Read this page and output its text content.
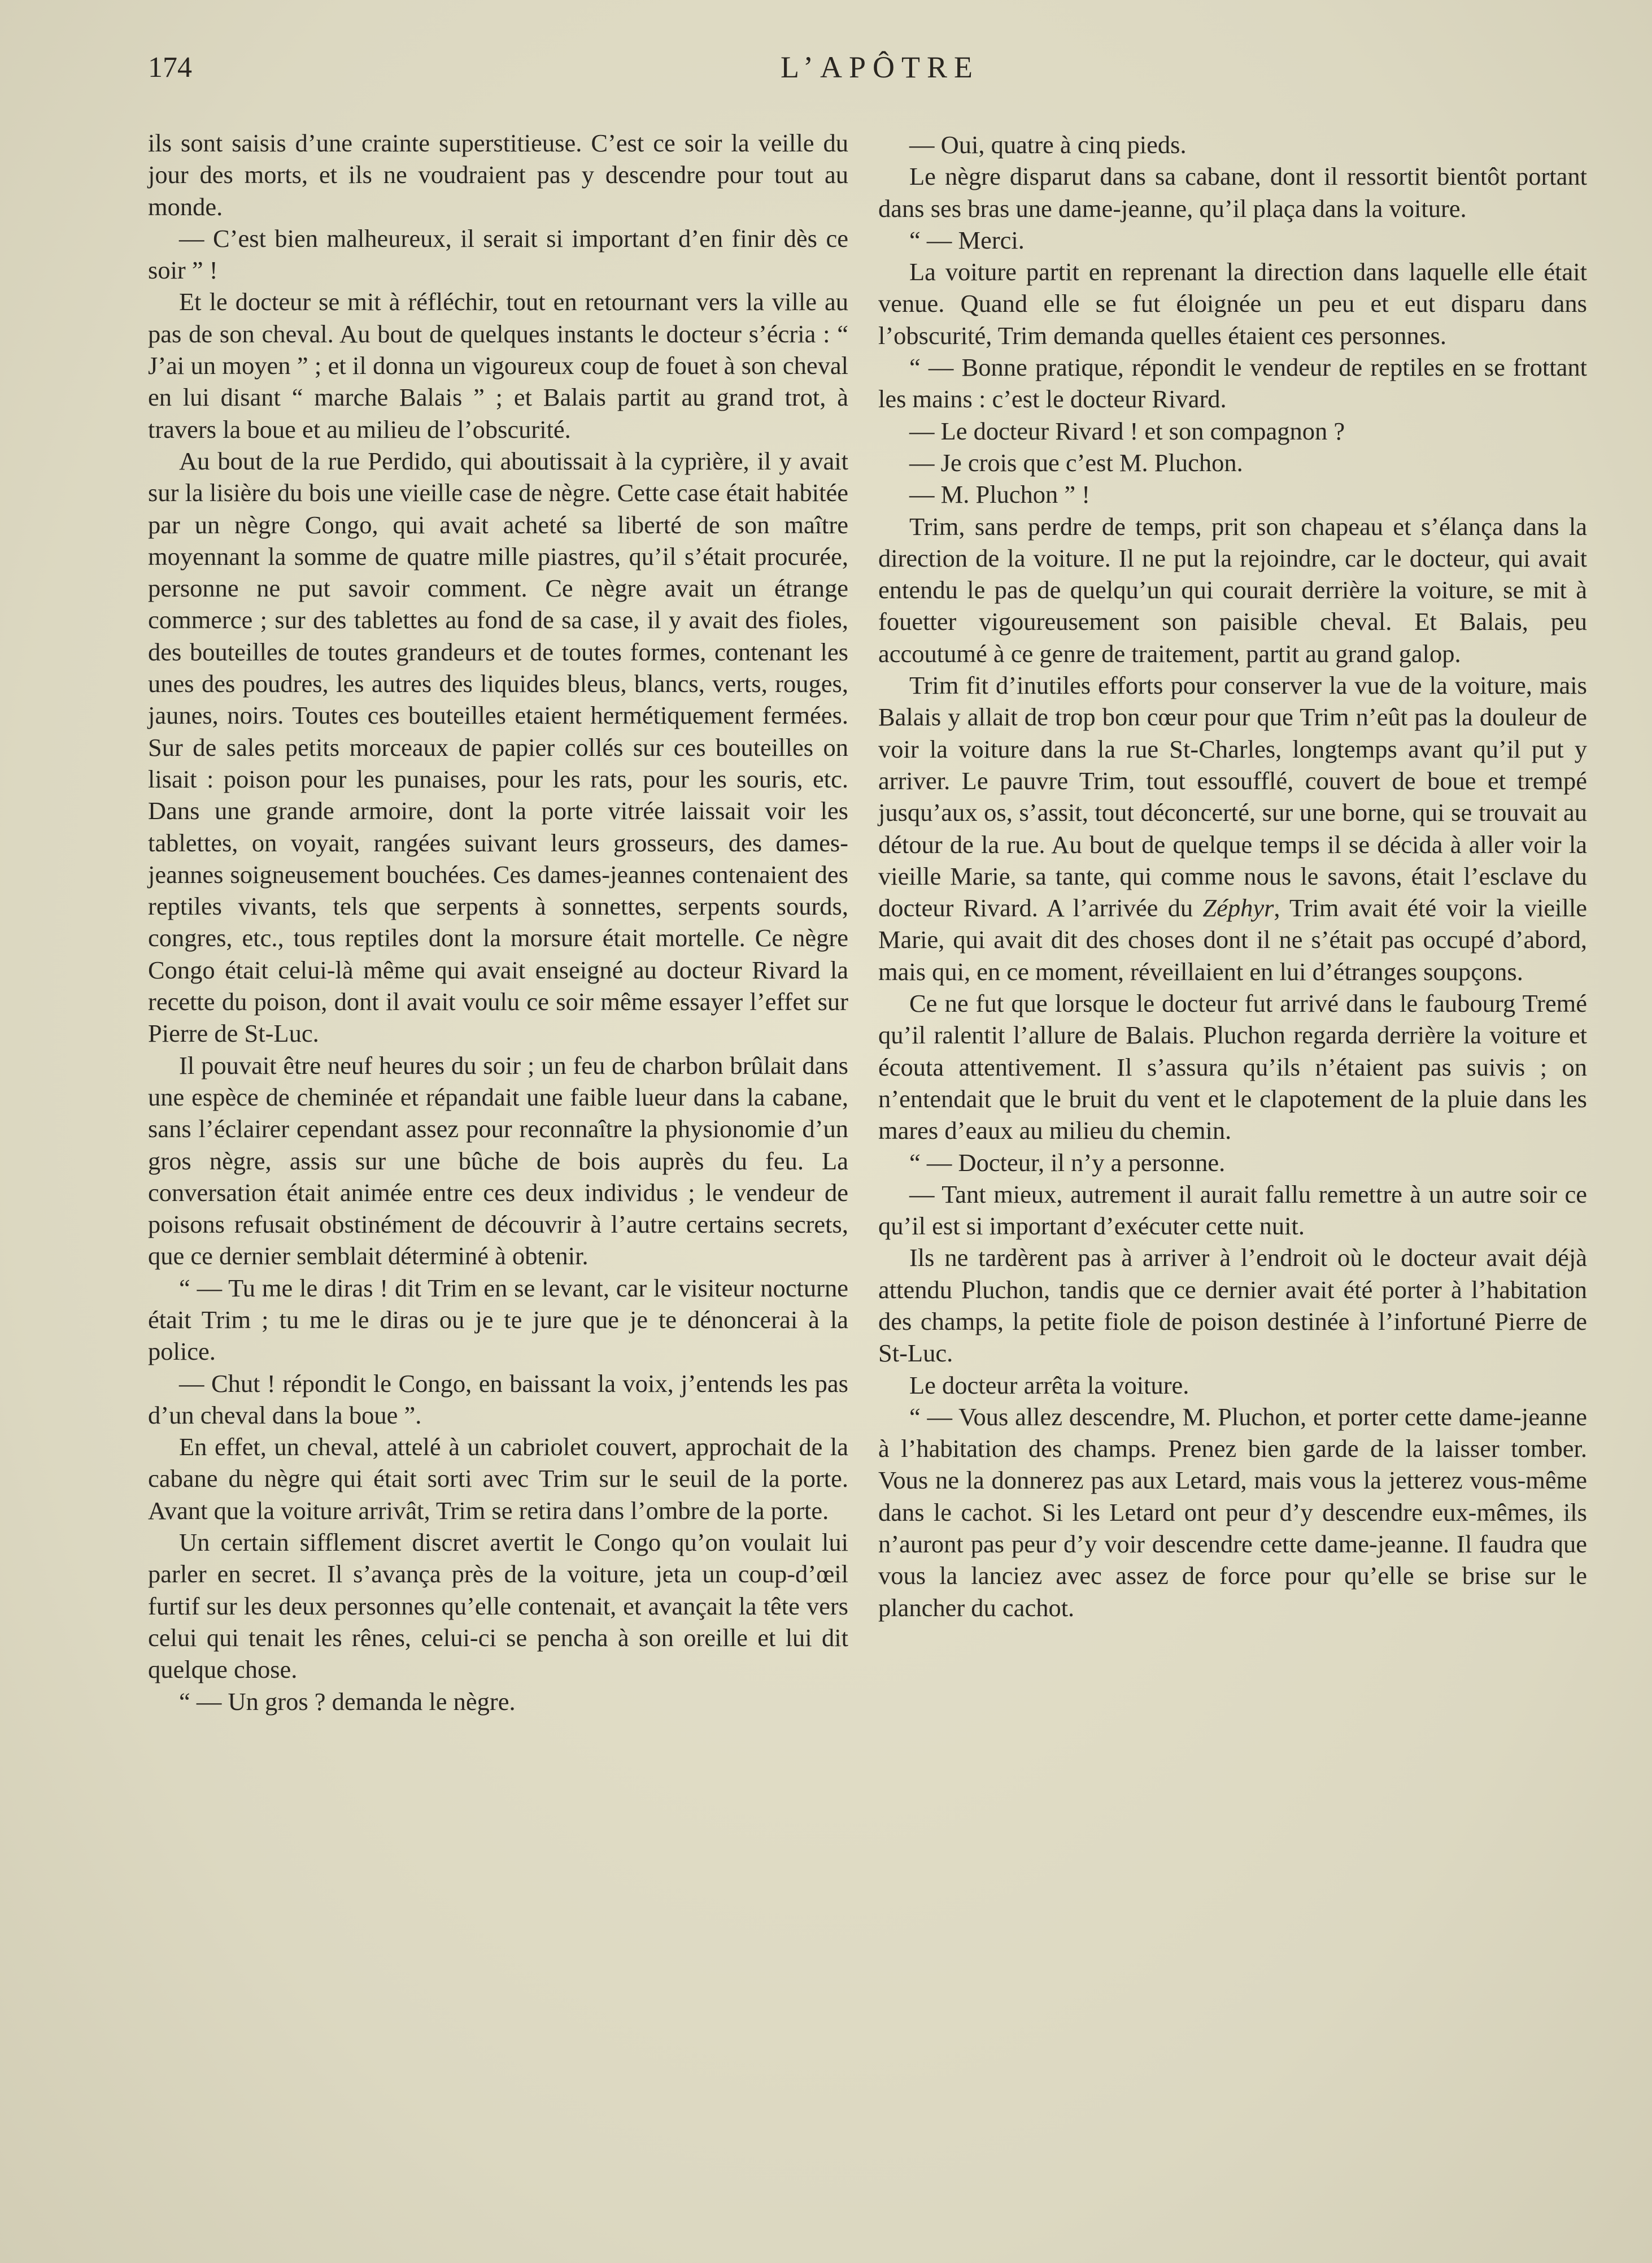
174	L’APÔTRE

ils sont saisis d’une crainte superstitieuse. C’est ce soir la veille du jour des morts, et ils ne voudraient pas y descendre pour tout au monde.

— C’est bien malheureux, il serait si important d’en finir dès ce soir ” !

Et le docteur se mit à réfléchir, tout en retournant vers la ville au pas de son cheval. Au bout de quelques instants le docteur s’écria : “ J’ai un moyen ” ; et il donna un vigoureux coup de fouet à son cheval en lui disant “ marche Balais ” ; et Balais partit au grand trot, à travers la boue et au milieu de l’obscurité.

Au bout de la rue Perdido, qui aboutissait à la cyprière, il y avait sur la lisière du bois une vieille case de nègre. Cette case était habitée par un nègre Congo, qui avait acheté sa liberté de son maître moyennant la somme de quatre mille piastres, qu’il s’était procurée, personne ne put savoir comment. Ce nègre avait un étrange commerce ; sur des tablettes au fond de sa case, il y avait des fioles, des bouteilles de toutes grandeurs et de toutes formes, contenant les unes des poudres, les autres des liquides bleus, blancs, verts, rouges, jaunes, noirs. Toutes ces bouteilles etaient hermétiquement fermées. Sur de sales petits morceaux de papier collés sur ces bouteilles on lisait : poison pour les punaises, pour les rats, pour les souris, etc. Dans une grande armoire, dont la porte vitrée laissait voir les tablettes, on voyait, rangées suivant leurs grosseurs, des dames-jeannes soigneusement bouchées. Ces dames-jeannes contenaient des reptiles vivants, tels que serpents à sonnettes, serpents sourds, congres, etc., tous reptiles dont la morsure était mortelle. Ce nègre Congo était celui-là même qui avait enseigné au docteur Rivard la recette du poison, dont il avait voulu ce soir même essayer l’effet sur Pierre de St-Luc.

Il pouvait être neuf heures du soir ; un feu de charbon brûlait dans une espèce de cheminée et répandait une faible lueur dans la cabane, sans l’éclairer cependant assez pour reconnaître la physionomie d’un gros nègre, assis sur une bûche de bois auprès du feu. La conversation était animée entre ces deux individus ; le vendeur de poisons refusait obstinément de découvrir à l’autre certains secrets, que ce dernier semblait déterminé à obtenir.

“ — Tu me le diras ! dit Trim en se levant, car le visiteur nocturne était Trim ; tu me le diras ou je te jure que je te dénoncerai à la police.

— Chut ! répondit le Congo, en baissant la voix, j’entends les pas d’un cheval dans la boue ”.

En effet, un cheval, attelé à un cabriolet couvert, approchait de la cabane du nègre qui était sorti avec Trim sur le seuil de la porte. Avant que la voiture arrivât, Trim se retira dans l’ombre de la porte.

Un certain sifflement discret avertit le Congo qu’on voulait lui parler en secret. Il s’avança près de la voiture, jeta un coup-d’œil furtif sur les deux personnes qu’elle contenait, et avançait la tête vers celui qui tenait les rênes, celui-ci se pencha à son oreille et lui dit quelque chose.

“ — Un gros ? demanda le nègre.

— Oui, quatre à cinq pieds.

Le nègre disparut dans sa cabane, dont il ressortit bientôt portant dans ses bras une dame-jeanne, qu’il plaça dans la voiture.

“ — Merci.

La voiture partit en reprenant la direction dans laquelle elle était venue. Quand elle se fut éloignée un peu et eut disparu dans l’obscurité, Trim demanda quelles étaient ces personnes.

“ — Bonne pratique, répondit le vendeur de reptiles en se frottant les mains : c’est le docteur Rivard.

— Le docteur Rivard ! et son compagnon ?

— Je crois que c’est M. Pluchon.

— M. Pluchon ” !

Trim, sans perdre de temps, prit son chapeau et s’élança dans la direction de la voiture. Il ne put la rejoindre, car le docteur, qui avait entendu le pas de quelqu’un qui courait derrière la voiture, se mit à fouetter vigoureusement son paisible cheval. Et Balais, peu accoutumé à ce genre de traitement, partit au grand galop.

Trim fit d’inutiles efforts pour conserver la vue de la voiture, mais Balais y allait de trop bon cœur pour que Trim n’eût pas la douleur de voir la voiture dans la rue St-Charles, longtemps avant qu’il put y arriver. Le pauvre Trim, tout essoufflé, couvert de boue et trempé jusqu’aux os, s’assit, tout déconcerté, sur une borne, qui se trouvait au détour de la rue. Au bout de quelque temps il se décida à aller voir la vieille Marie, sa tante, qui comme nous le savons, était l’esclave du docteur Rivard. A l’arrivée du Zéphyr, Trim avait été voir la vieille Marie, qui avait dit des choses dont il ne s’était pas occupé d’abord, mais qui, en ce moment, réveillaient en lui d’étranges soupçons.

Ce ne fut que lorsque le docteur fut arrivé dans le faubourg Tremé qu’il ralentit l’allure de Balais. Pluchon regarda derrière la voiture et écouta attentivement. Il s’assura qu’ils n’étaient pas suivis ; on n’entendait que le bruit du vent et le clapotement de la pluie dans les mares d’eaux au milieu du chemin.

“ — Docteur, il n’y a personne.

— Tant mieux, autrement il aurait fallu remettre à un autre soir ce qu’il est si important d’exécuter cette nuit.

Ils ne tardèrent pas à arriver à l’endroit où le docteur avait déjà attendu Pluchon, tandis que ce dernier avait été porter à l’habitation des champs, la petite fiole de poison destinée à l’infortuné Pierre de St-Luc.

Le docteur arrêta la voiture.

“ — Vous allez descendre, M. Pluchon, et porter cette dame-jeanne à l’habitation des champs. Prenez bien garde de la laisser tomber. Vous ne la donnerez pas aux Letard, mais vous la jetterez vous-même dans le cachot. Si les Letard ont peur d’y descendre eux-mêmes, ils n’auront pas peur d’y voir descendre cette dame-jeanne. Il faudra que vous la lanciez avec assez de force pour qu’elle se brise sur le plancher du cachot.
